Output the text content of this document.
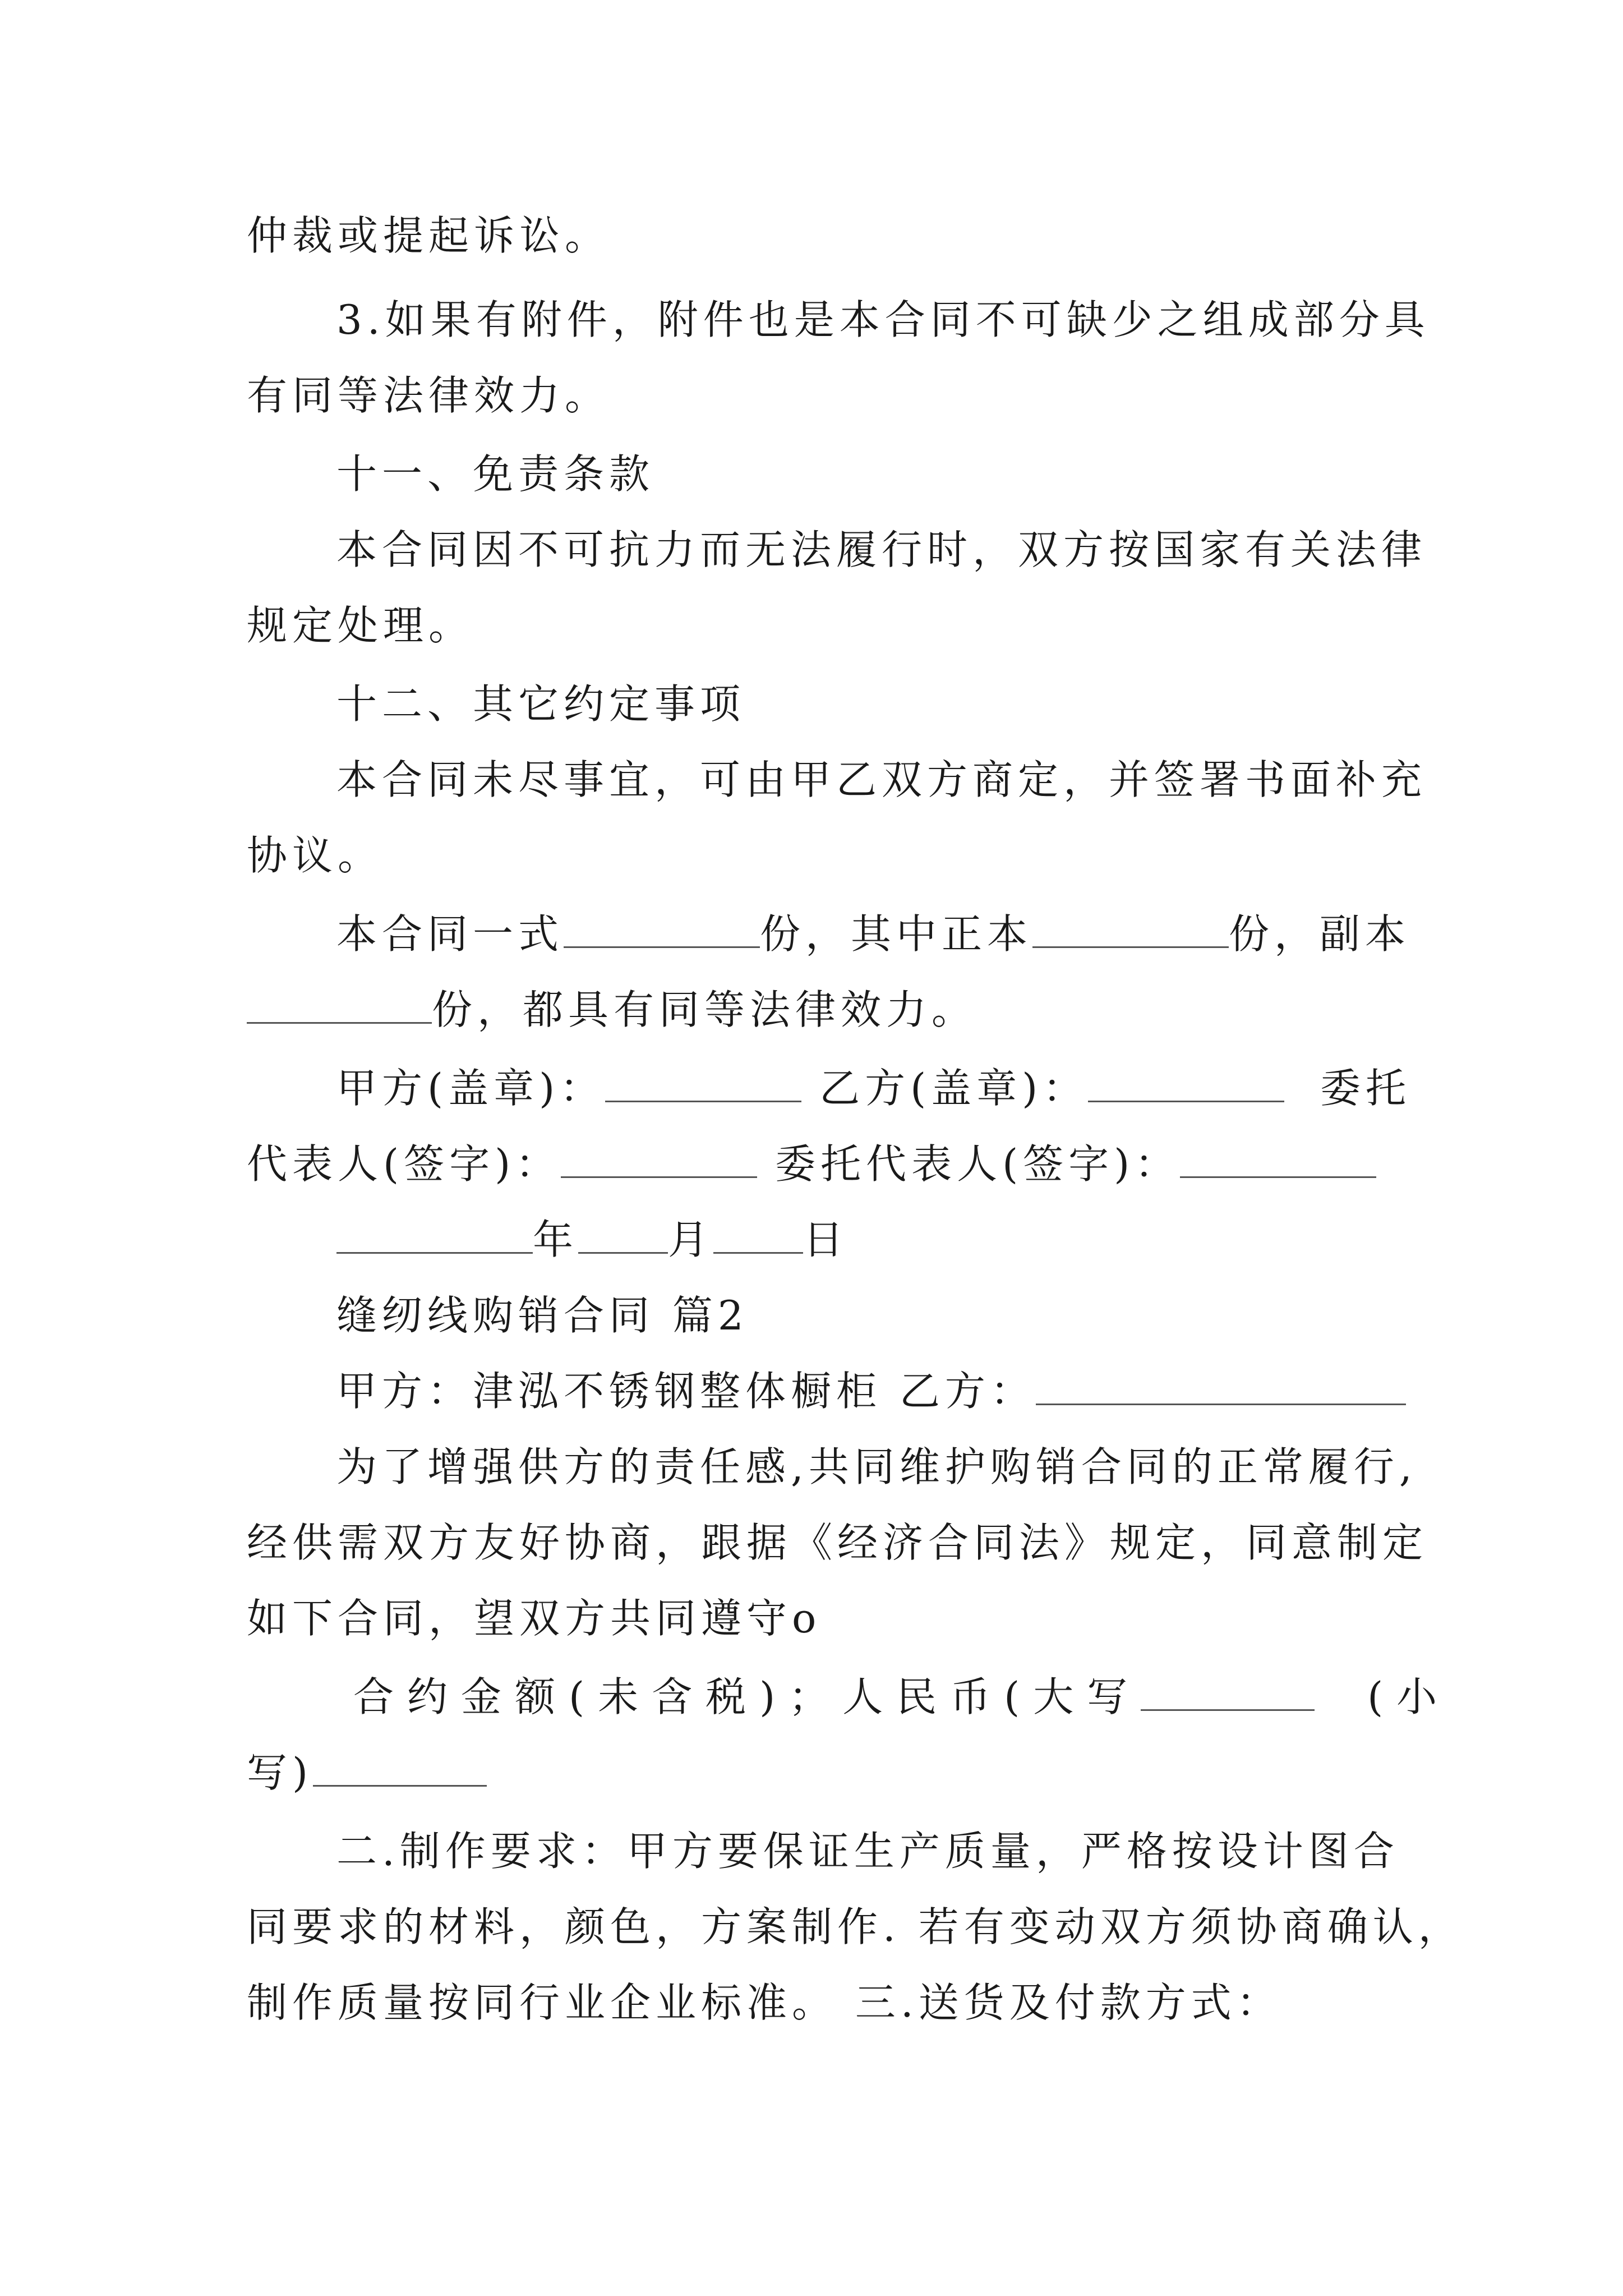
仲裁或提起诉讼。
3.如果有附件，附件也是本合同不可缺少之组成部分具
有同等法律效力。
十一、免责条款
本合同因不可抗力而无法履行时，双方按国家有关法律
规定处理。
十二、其它约定事项
本合同未尽事宜，可由甲乙双方商定，并签署书面补充
协议。
本合同一式	份，其中正本	份，副本
份，都具有同等法律效力。
甲方(盖章)：	乙方(盖章)：	委托
代表人(签字)：	委托代表人(签字)：
年 月 日
缝纫线购销合同 篇2
甲方：津泓不锈钢整体橱柜 乙方：
为了增强供方的责任感,共同维护购销合同的正常履行,
经供需双方友好协商，跟据《经济合同法》规定，同意制定
如下合同，望双方共同遵守o
合约金额(未含税)；人民币(大写	(小
写)
二.制作要求：甲方要保证生产质量，严格按设计图合
同要求的材料，颜色，方案制作. 若有变动双方须协商确认，
制作质量按同行业企业标准。 三.送货及付款方式：
